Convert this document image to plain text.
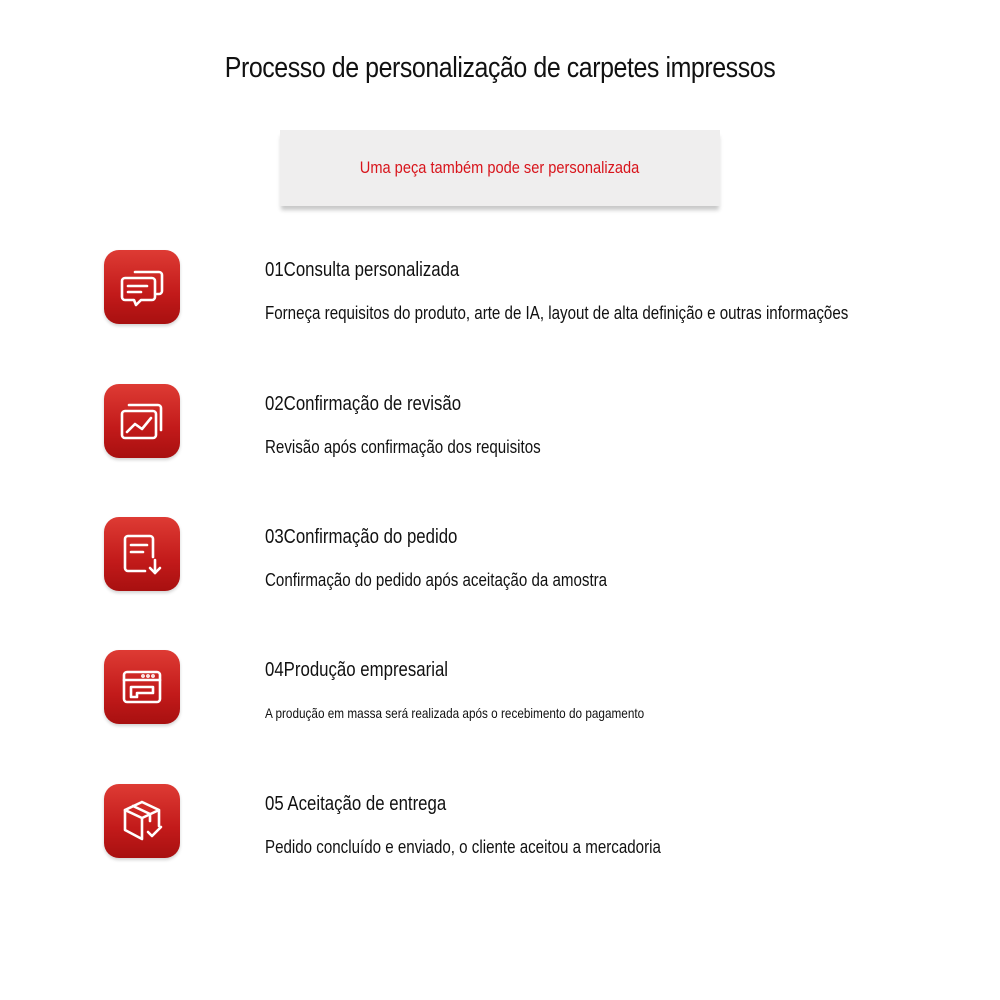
Processo de personalização de carpetes impressos
Uma peça também pode ser personalizada
01Consulta personalizada
Forneça requisitos do produto, arte de IA, layout de alta definição e outras informações
02Confirmação de revisão
Revisão após confirmação dos requisitos
03Confirmação do pedido
Confirmação do pedido após aceitação da amostra
04Produção empresarial
A produção em massa será realizada após o recebimento do pagamento
05 Aceitação de entrega
Pedido concluído e enviado, o cliente aceitou a mercadoria
